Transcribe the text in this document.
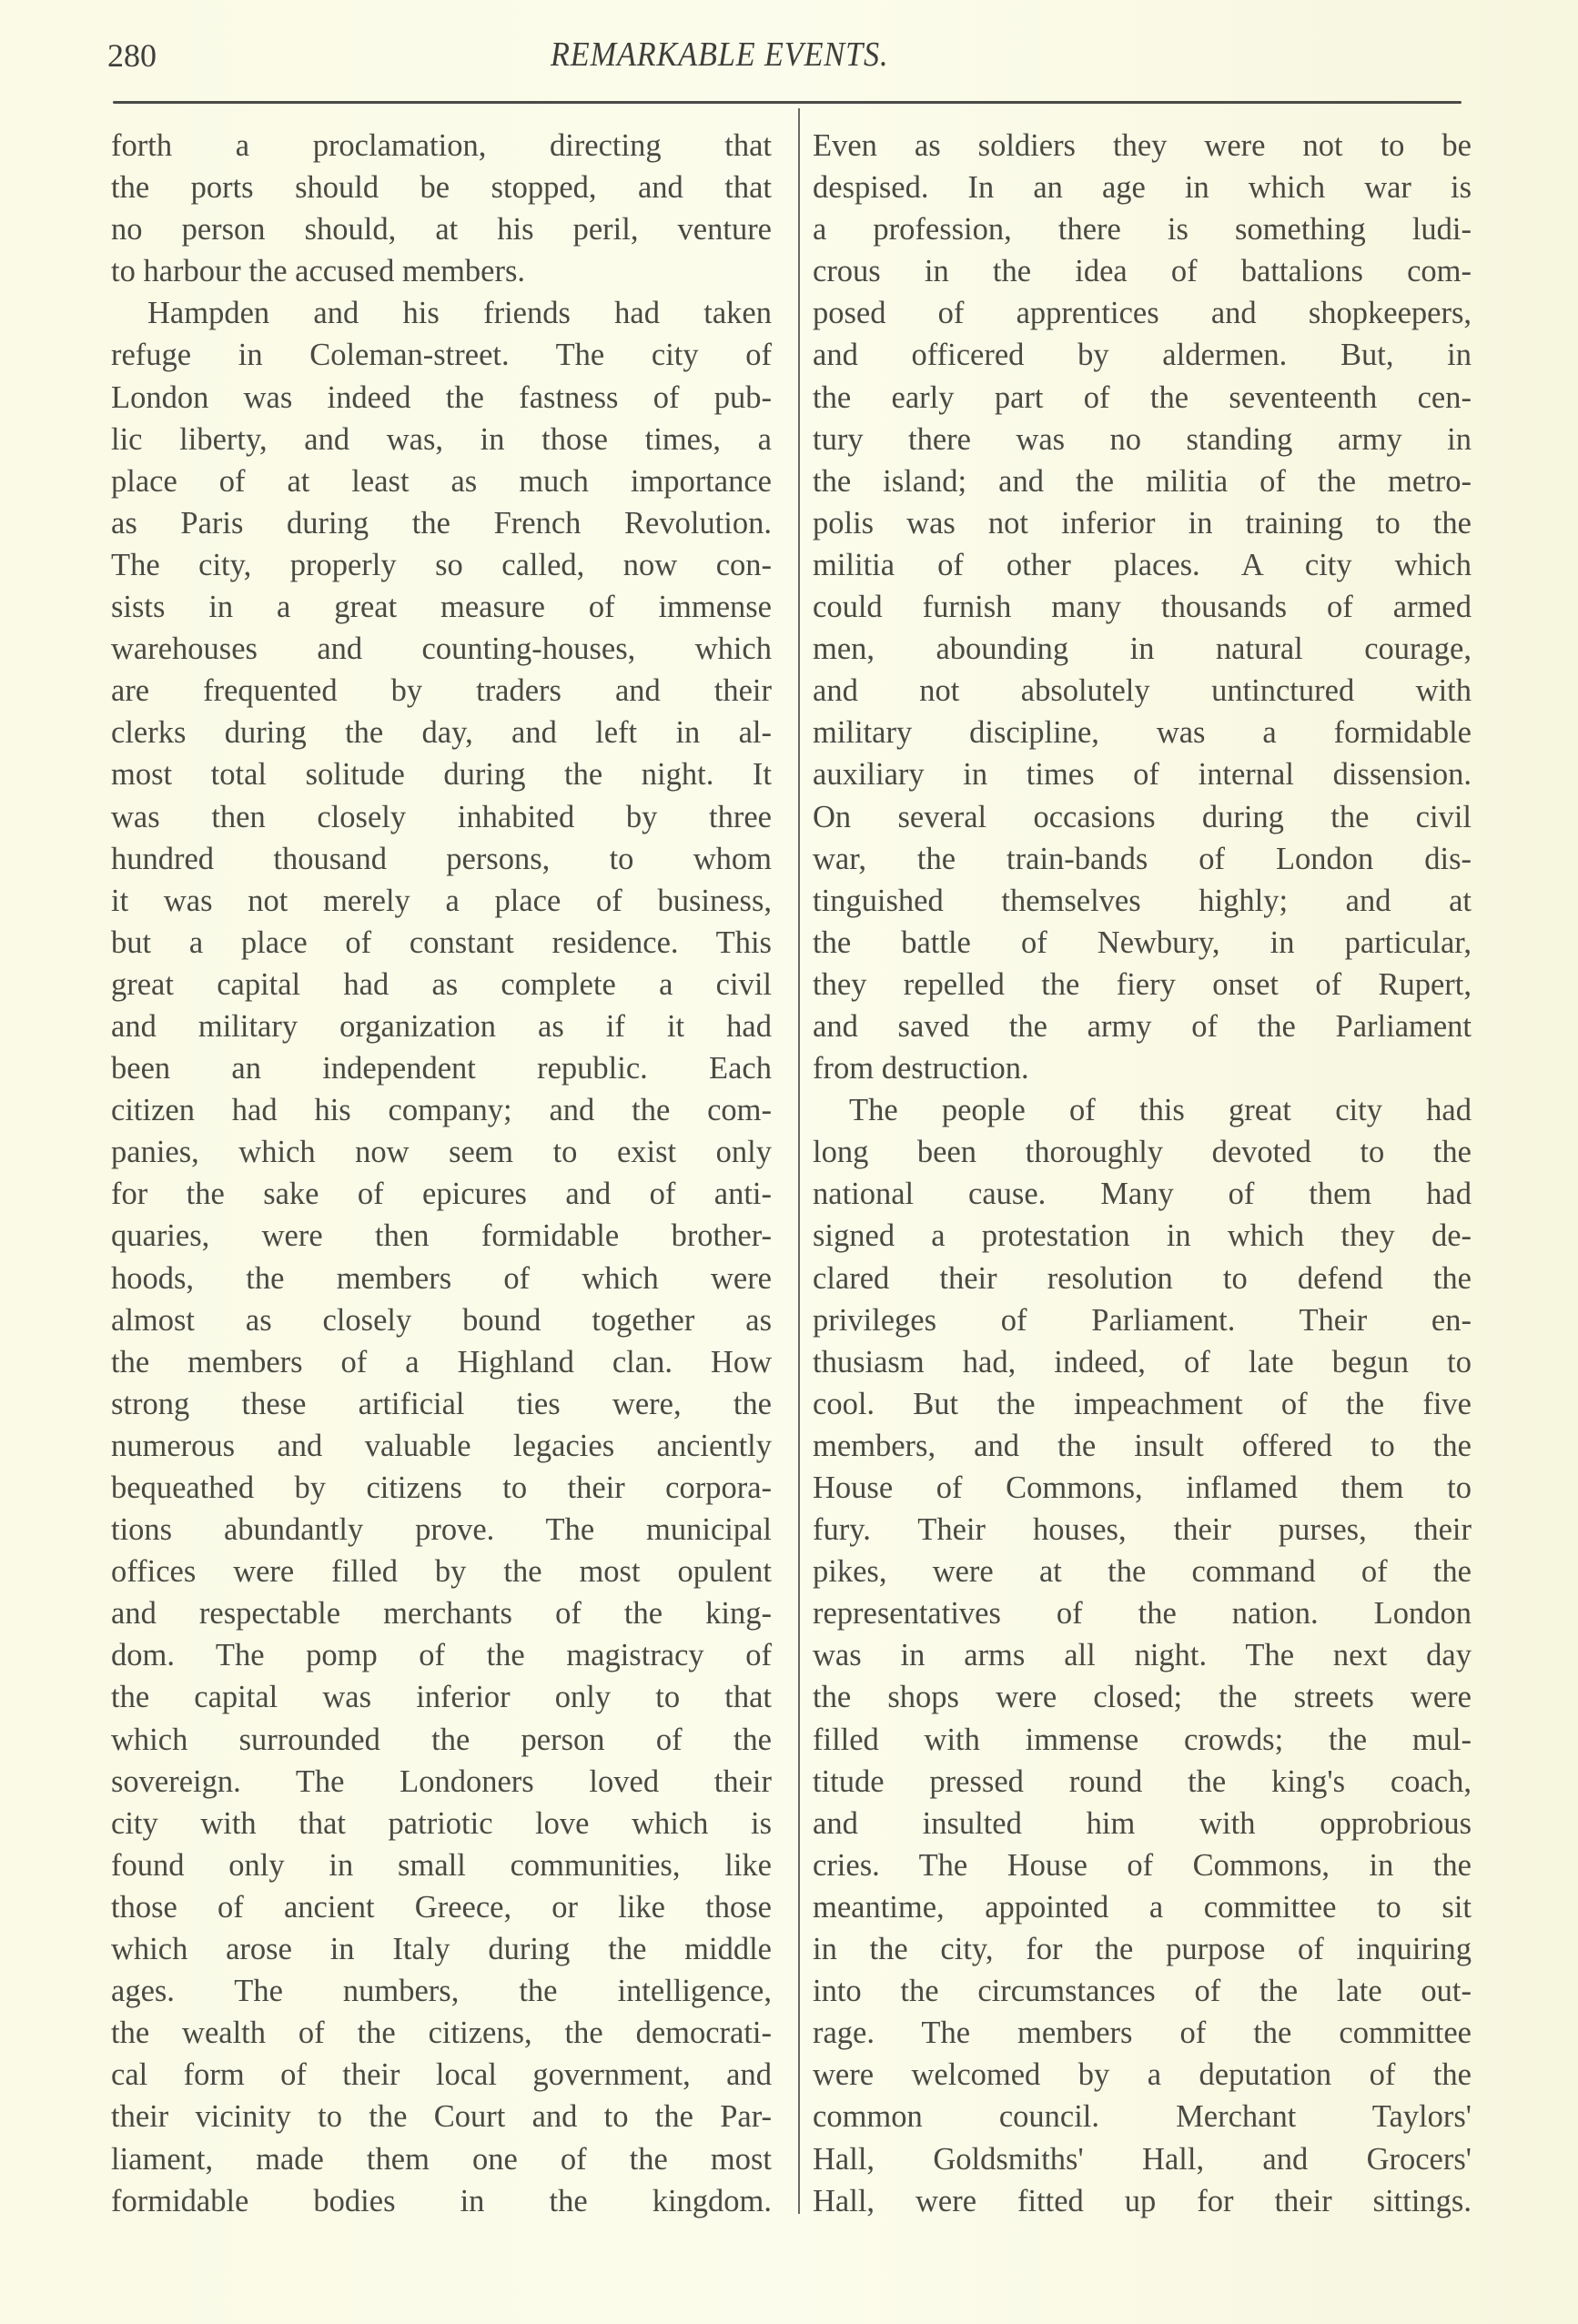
280	REMARKABLE EVENTS.
forth a proclamation, directing that
the ports should be stopped, and that
no person should, at his peril, venture
to harbour the accused members.
Hampden and his friends had taken
refuge in Coleman-street. The city of
London was indeed the fastness of pub-
lic liberty, and was, in those times, a
place of at least as much importance
as Paris during the French Revolution.
The city, properly so called, now con-
sists in a great measure of immense
warehouses and counting-houses, which
are frequented by traders and their
clerks during the day, and left in al-
most total solitude during the night. It
was then closely inhabited by three
hundred thousand persons, to whom
it was not merely a place of business,
but a place of constant residence. This
great capital had as complete a civil
and military organization as if it had
been an independent republic. Each
citizen had his company; and the com-
panies, which now seem to exist only
for the sake of epicures and of anti-
quaries, were then formidable brother-
hoods, the members of which were
almost as closely bound together as
the members of a Highland clan. How
strong these artificial ties were, the
numerous and valuable legacies anciently
bequeathed by citizens to their corpora-
tions abundantly prove. The municipal
offices were filled by the most opulent
and respectable merchants of the king-
dom. The pomp of the magistracy of
the capital was inferior only to that
which surrounded the person of the
sovereign. The Londoners loved their
city with that patriotic love which is
found only in small communities, like
those of ancient Greece, or like those
which arose in Italy during the middle
ages. The numbers, the intelligence,
the wealth of the citizens, the democrati-
cal form of their local government, and
their vicinity to the Court and to the Par-
liament, made them one of the most
formidable bodies in the kingdom.
Even as soldiers they were not to be
despised. In an age in which war is
a profession, there is something ludi-
crous in the idea of battalions com-
posed of apprentices and shopkeepers,
and officered by aldermen. But, in
the early part of the seventeenth cen-
tury there was no standing army in
the island; and the militia of the metro-
polis was not inferior in training to the
militia of other places. A city which
could furnish many thousands of armed
men, abounding in natural courage,
and not absolutely untinctured with
military discipline, was a formidable
auxiliary in times of internal dissension.
On several occasions during the civil
war, the train-bands of London dis-
tinguished themselves highly; and at
the battle of Newbury, in particular,
they repelled the fiery onset of Rupert,
and saved the army of the Parliament
from destruction.
The people of this great city had
long been thoroughly devoted to the
national cause. Many of them had
signed a protestation in which they de-
clared their resolution to defend the
privileges of Parliament. Their en-
thusiasm had, indeed, of late begun to
cool. But the impeachment of the five
members, and the insult offered to the
House of Commons, inflamed them to
fury. Their houses, their purses, their
pikes, were at the command of the
representatives of the nation. London
was in arms all night. The next day
the shops were closed; the streets were
filled with immense crowds; the mul-
titude pressed round the king's coach,
and insulted him with opprobrious
cries. The House of Commons, in the
meantime, appointed a committee to sit
in the city, for the purpose of inquiring
into the circumstances of the late out-
rage. The members of the committee
were welcomed by a deputation of the
common council. Merchant Taylors'
Hall, Goldsmiths' Hall, and Grocers'
Hall, were fitted up for their sittings.
